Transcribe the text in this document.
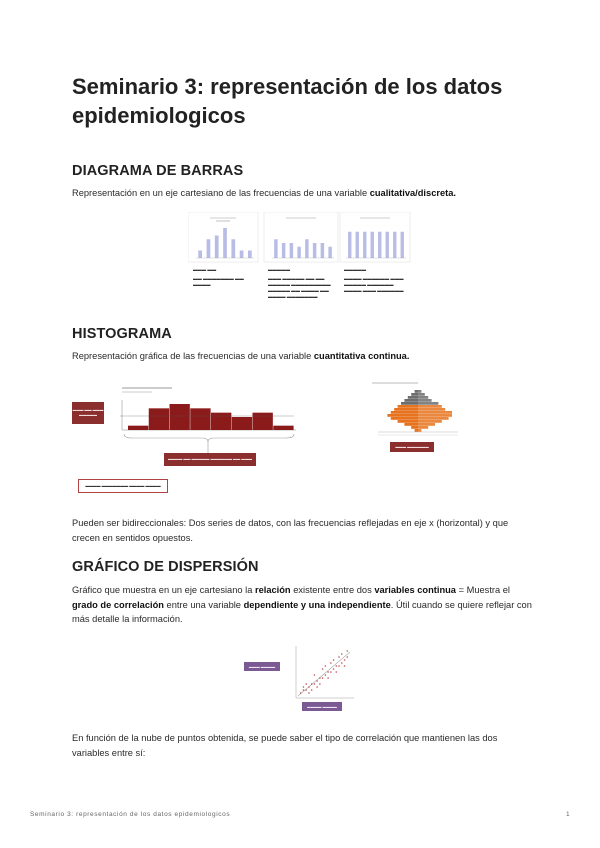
Seminario 3: representación de los datos epidemiologicos
DIAGRAMA DE BARRAS

Representación en un eje cartesiano de las frecuencias de una variable cualitativa/discreta.

▬▬▬ ▬▬
▬▬ ▬▬▬▬▬▬▬ ▬▬ ▬▬▬▬
▬▬▬▬▬
▬▬▬ ▬▬▬▬▬ ▬▬ ▬▬ ▬▬▬▬▬ ▬▬▬▬▬▬▬▬▬ ▬▬▬▬▬ ▬▬ ▬▬▬▬ ▬▬ ▬▬▬▬ ▬▬▬▬▬▬▬
▬▬▬▬▬
▬▬▬▬ ▬▬▬▬▬▬ ▬▬▬ ▬▬▬▬▬ ▬▬▬▬▬▬ ▬▬▬▬ ▬▬▬ ▬▬▬▬▬▬
HISTOGRAMA

Representación gráfica de las frecuencias de una variable cuantitativa continua.

▬▬▬ ▬▬ ▬▬▬
▬▬▬▬▬
▬▬▬▬ ▬▬ ▬▬▬▬▬ ▬▬▬▬▬▬ ▬▬ ▬▬▬
▬▬▬▬ ▬▬▬▬▬▬▬ ▬▬▬▬ ▬▬▬▬
▬▬▬ ▬▬▬▬▬▬

Pueden ser bidireccionales: Dos series de datos, con las frecuencias reflejadas en eje x (horizontal) y que crecen en sentidos opuestos.

GRÁFICO DE DISPERSIÓN

Gráfico que muestra en un eje cartesiano la relación existente entre dos variables continua = Muestra el grado de correlación entre una variable dependiente y una independiente. Útil cuando se quiere reflejar con más detalle la información.

▬▬▬ ▬▬▬▬
▬▬▬▬ ▬▬▬▬

En función de la nube de puntos obtenida, se puede saber el tipo de correlación que mantienen las dos variables entre sí:

Seminario 3: representación de los datos epidemiologicos	1
